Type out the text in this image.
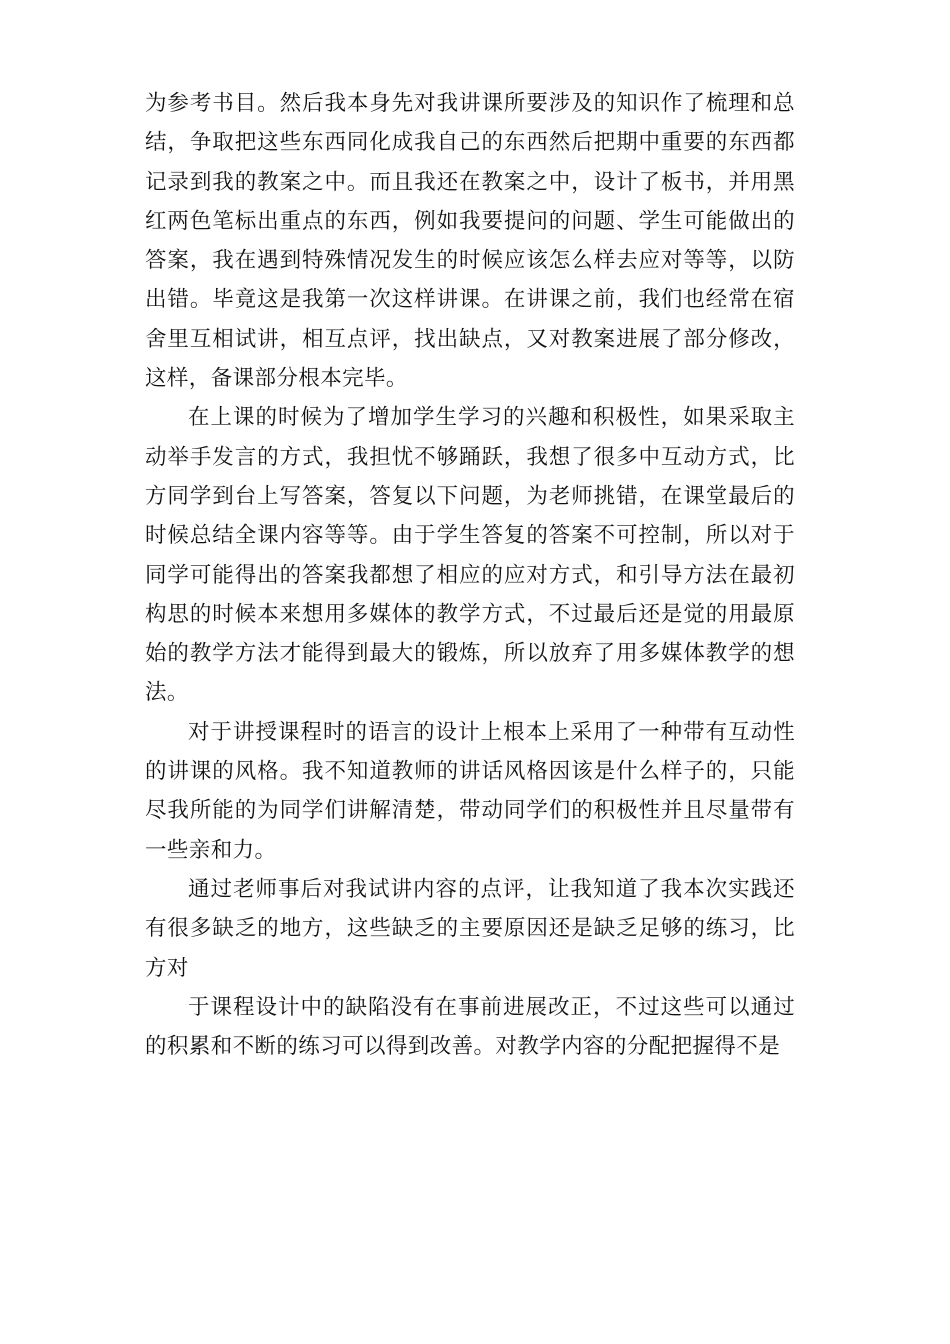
为参考书目。然后我本身先对我讲课所要涉及的知识作了梳理和总结，争取把这些东西同化成我自己的东西然后把期中重要的东西都记录到我的教案之中。而且我还在教案之中，设计了板书，并用黑红两色笔标出重点的东西，例如我要提问的问题、学生可能做出的答案，我在遇到特殊情况发生的时候应该怎么样去应对等等，以防出错。毕竟这是我第一次这样讲课。在讲课之前，我们也经常在宿舍里互相试讲，相互点评，找出缺点，又对教案进展了部分修改，这样，备课部分根本完毕。

在上课的时候为了增加学生学习的兴趣和积极性，如果采取主动举手发言的方式，我担忧不够踊跃，我想了很多中互动方式，比方同学到台上写答案，答复以下问题，为老师挑错，在课堂最后的时候总结全课内容等等。由于学生答复的答案不可控制，所以对于同学可能得出的答案我都想了相应的应对方式，和引导方法在最初构思的时候本来想用多媒体的教学方式，不过最后还是觉的用最原始的教学方法才能得到最大的锻炼，所以放弃了用多媒体教学的想法。

对于讲授课程时的语言的设计上根本上采用了一种带有互动性的讲课的风格。我不知道教师的讲话风格因该是什么样子的，只能尽我所能的为同学们讲解清楚，带动同学们的积极性并且尽量带有一些亲和力。

通过老师事后对我试讲内容的点评，让我知道了我本次实践还有很多缺乏的地方，这些缺乏的主要原因还是缺乏足够的练习，比方对

于课程设计中的缺陷没有在事前进展改正，不过这些可以通过的积累和不断的练习可以得到改善。对教学内容的分配把握得不是
